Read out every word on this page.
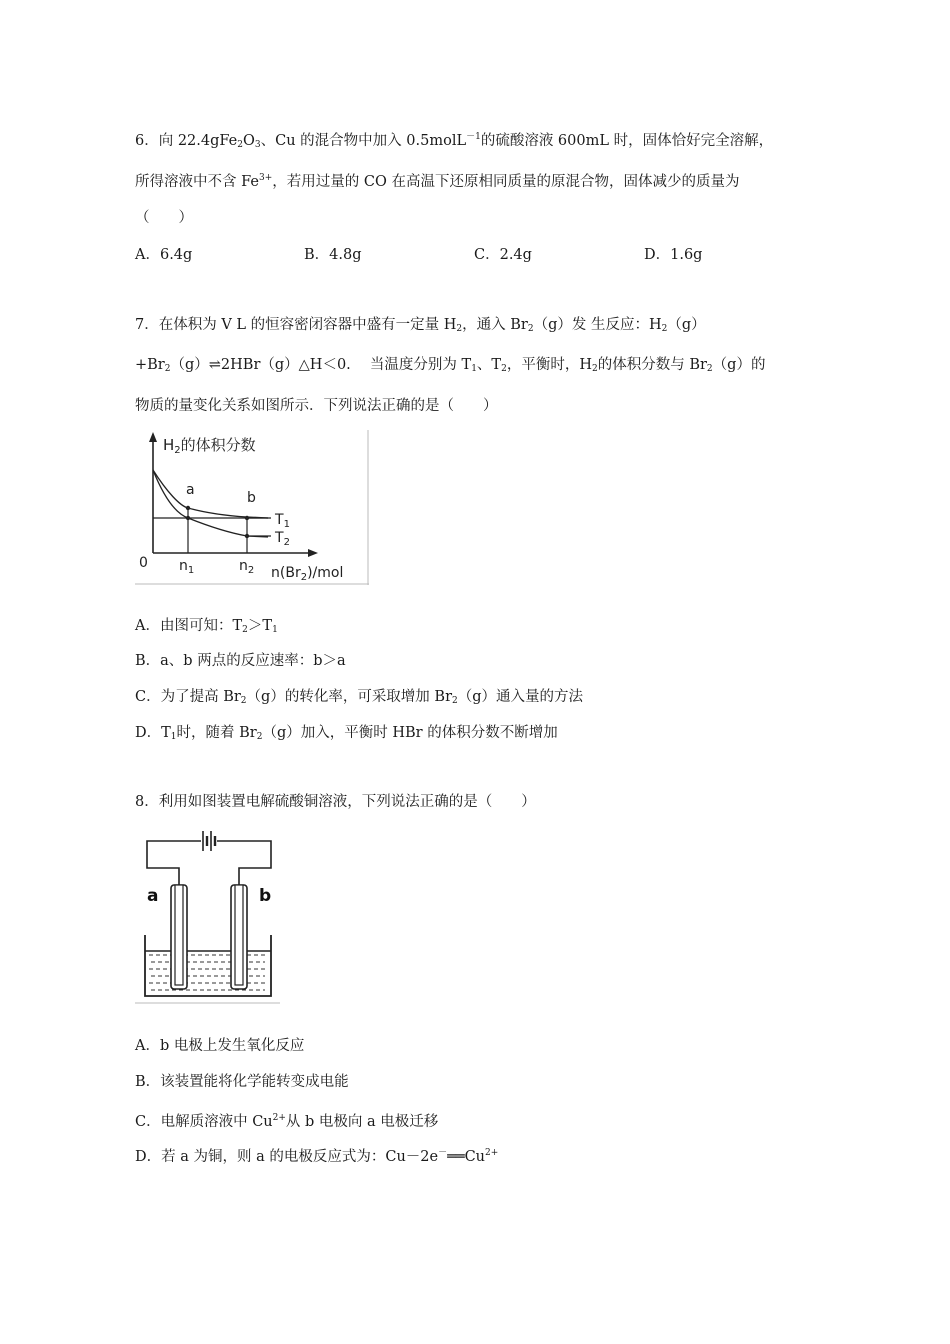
6．向 $22.4gFe_2O_3$、Cu 的混合物中加入 0.5molL$^{-1}$的硫酸溶液 600mL 时，固体恰好完全溶解，
所得溶液中不含 $Fe^{3+}$，若用过量的 CO 在高温下还原相同质量的原混合物，固体减少的质量为
（　　）
A．6.4g	B．4.8g	C．2.4g	D．1.6g
7．在体积为 V L 的恒容密闭容器中盛有一定量 $H_2$，通入 $Br_2(g)$发 生反应：$H_2(g)$
$+Br_2(g)\rightleftharpoons 2HBr(g)\triangle H<0$.　 当温度分别为 $T_1$、$T_2$，平衡时，$H_2$的体积分数与 $Br_2(g)$的
物质的量变化关系如图所示．下列说法正确的是（　　）
$H_2$的体积分数
0
a	b
$T_1$
$T_2$
$n_1$	$n_2$ $n(Br_2)$/mol
A．由图可知：$T_2>T_1$
B．a、b 两点的反应速率：b＞a
C．为了提高 $Br_2(g)$的转化率，可采取增加 $Br_2(g)$通入量的方法
D．$T_1$时，随着 $Br_2(g)$加入，平衡时 HBr 的体积分数不断增加
8．利用如图装置电解硫酸铜溶液，下列说法正确的是（　　）
a	b
A．b 电极上发生氧化反应
B．该装置能将化学能转变成电能
C．电解质溶液中 $Cu^{2+}$从 b 电极向 a 电极迁移
D．若 a 为铜，则 a 的电极反应式为：$Cu-2e^-══Cu^{2+}$
